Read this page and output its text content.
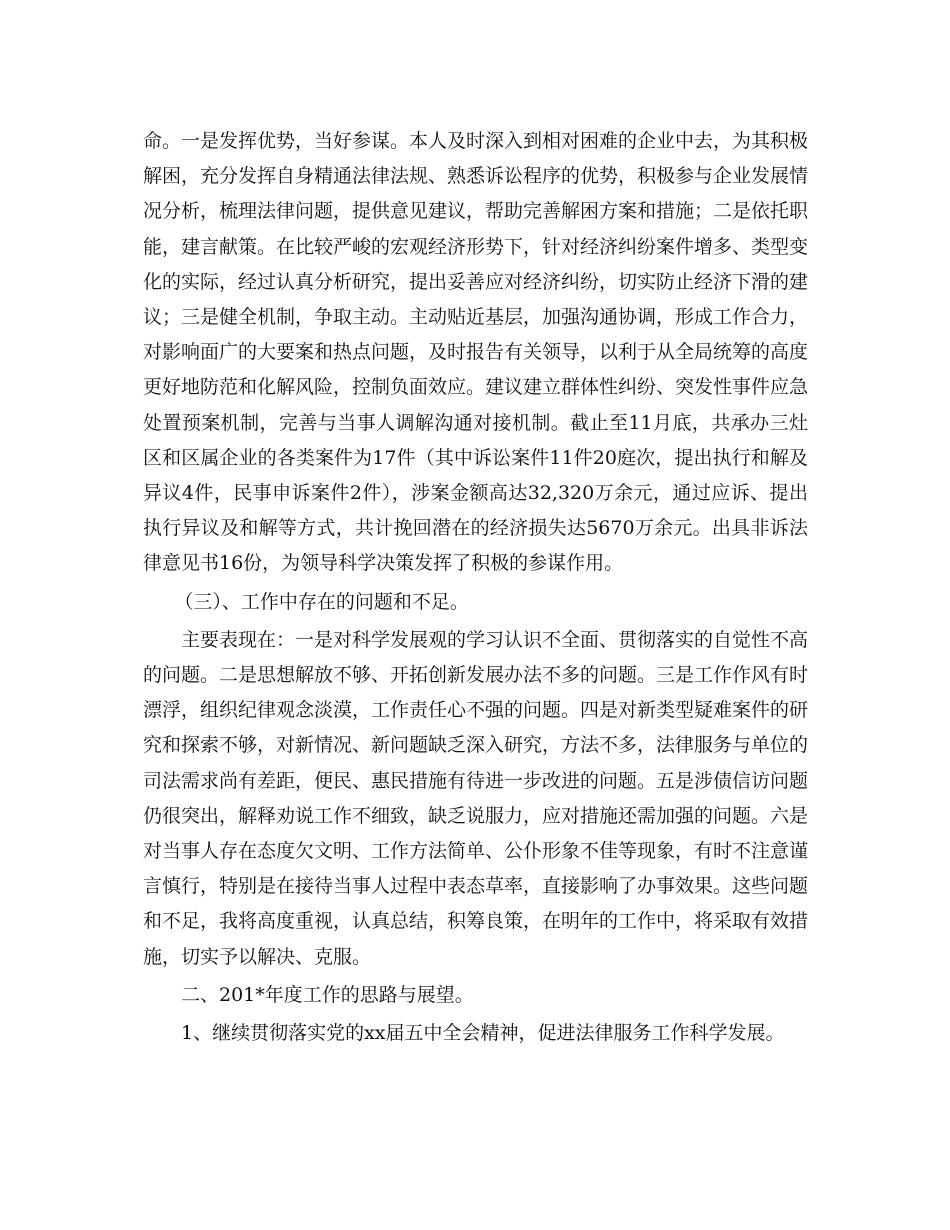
命。一是发挥优势，当好参谋。本人及时深入到相对困难的企业中去，为其积极解困，充分发挥自身精通法律法规、熟悉诉讼程序的优势，积极参与企业发展情况分析，梳理法律问题，提供意见建议，帮助完善解困方案和措施；二是依托职能，建言献策。在比较严峻的宏观经济形势下，针对经济纠纷案件增多、类型变化的实际，经过认真分析研究，提出妥善应对经济纠纷，切实防止经济下滑的建议；三是健全机制，争取主动。主动贴近基层，加强沟通协调，形成工作合力，对影响面广的大要案和热点问题，及时报告有关领导，以利于从全局统筹的高度更好地防范和化解风险，控制负面效应。建议建立群体性纠纷、突发性事件应急处置预案机制，完善与当事人调解沟通对接机制。截止至11月底，共承办三灶区和区属企业的各类案件为17件（其中诉讼案件11件20庭次，提出执行和解及异议4件，民事申诉案件2件），涉案金额高达32,320万余元，通过应诉、提出执行异议及和解等方式，共计挽回潜在的经济损失达5670万余元。出具非诉法律意见书16份，为领导科学决策发挥了积极的参谋作用。

（三）、工作中存在的问题和不足。

主要表现在：一是对科学发展观的学习认识不全面、贯彻落实的自觉性不高的问题。二是思想解放不够、开拓创新发展办法不多的问题。三是工作作风有时漂浮，组织纪律观念淡漠，工作责任心不强的问题。四是对新类型疑难案件的研究和探索不够，对新情况、新问题缺乏深入研究，方法不多，法律服务与单位的司法需求尚有差距，便民、惠民措施有待进一步改进的问题。五是涉债信访问题仍很突出，解释劝说工作不细致，缺乏说服力，应对措施还需加强的问题。六是对当事人存在态度欠文明、工作方法简单、公仆形象不佳等现象，有时不注意谨言慎行，特别是在接待当事人过程中表态草率，直接影响了办事效果。这些问题和不足，我将高度重视，认真总结，积筹良策，在明年的工作中，将采取有效措施，切实予以解决、克服。

二、201*年度工作的思路与展望。

1、继续贯彻落实党的xx届五中全会精神，促进法律服务工作科学发展。
